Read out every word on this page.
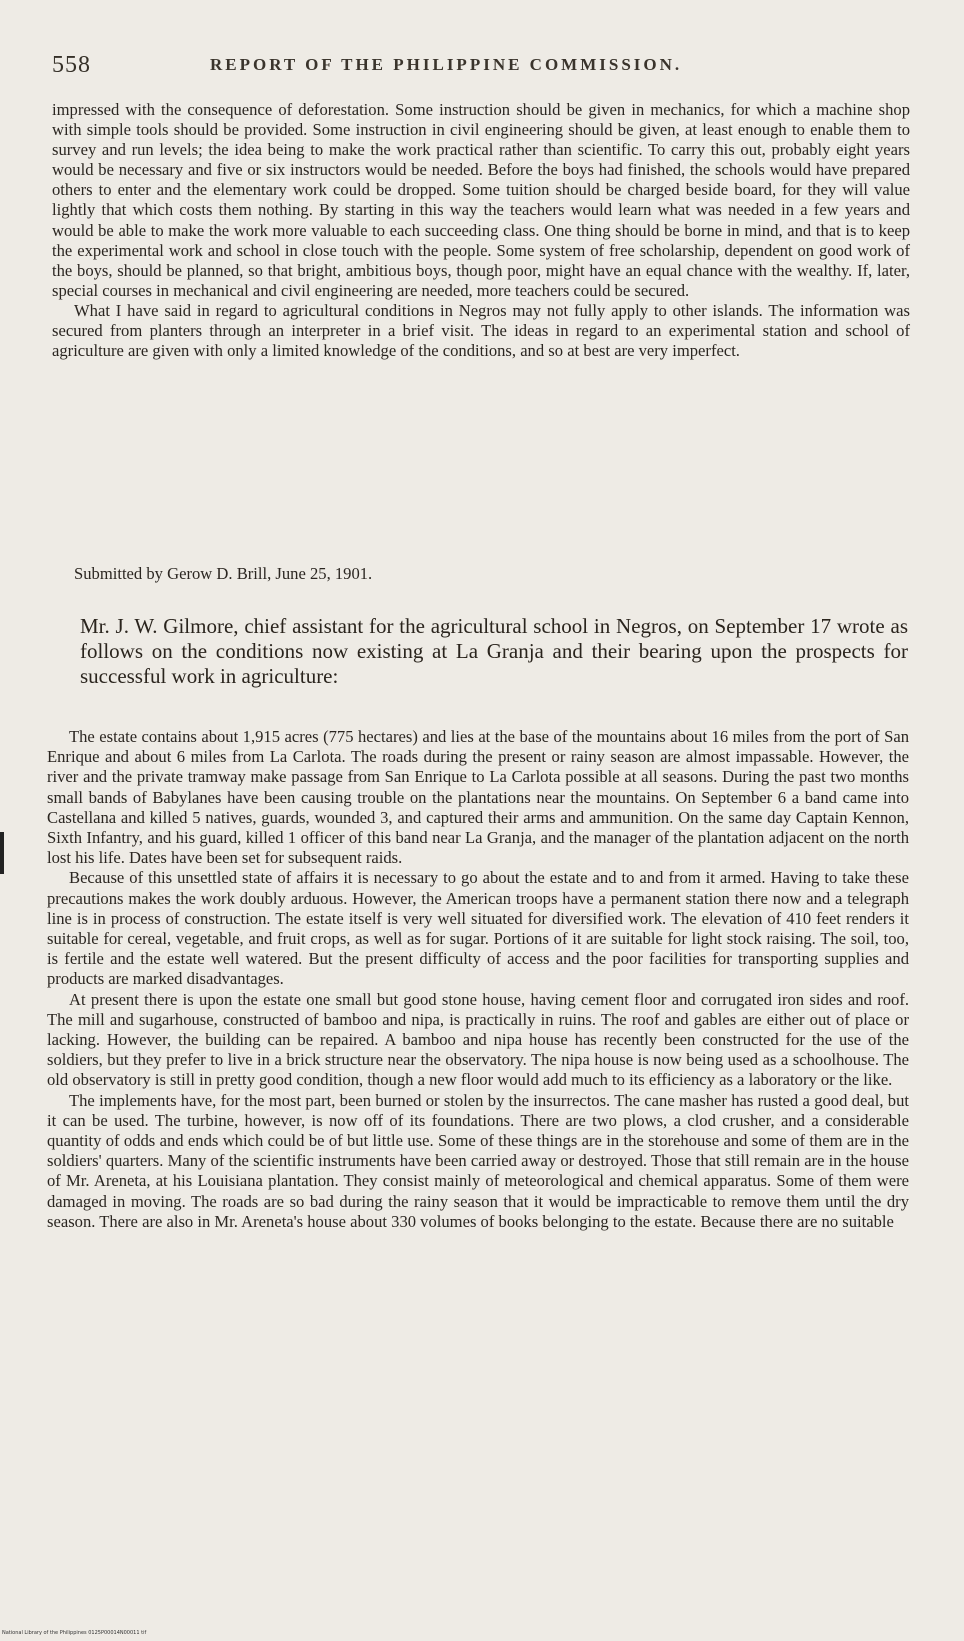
558	REPORT OF THE PHILIPPINE COMMISSION.

impressed with the consequence of deforestation. Some instruction should be given in mechanics, for which a machine shop with simple tools should be provided. Some instruction in civil engineering should be given, at least enough to enable them to survey and run levels; the idea being to make the work practical rather than scientific. To carry this out, probably eight years would be necessary and five or six instructors would be needed. Before the boys had finished, the schools would have prepared others to enter and the elementary work could be dropped. Some tuition should be charged beside board, for they will value lightly that which costs them nothing. By starting in this way the teachers would learn what was needed in a few years and would be able to make the work more valuable to each succeeding class. One thing should be borne in mind, and that is to keep the experimental work and school in close touch with the people. Some system of free scholarship, dependent on good work of the boys, should be planned, so that bright, ambitious boys, though poor, might have an equal chance with the wealthy. If, later, special courses in mechanical and civil engineering are needed, more teachers could be secured.

What I have said in regard to agricultural conditions in Negros may not fully apply to other islands. The information was secured from planters through an interpreter in a brief visit. The ideas in regard to an experimental station and school of agriculture are given with only a limited knowledge of the conditions, and so at best are very imperfect.

Submitted by Gerow D. Brill, June 25, 1901.
Mr. J. W. Gilmore, chief assistant for the agricultural school in Negros, on September 17 wrote as follows on the conditions now existing at La Granja and their bearing upon the prospects for successful work in agriculture:

The estate contains about 1,915 acres (775 hectares) and lies at the base of the mountains about 16 miles from the port of San Enrique and about 6 miles from La Carlota. The roads during the present or rainy season are almost impassable. However, the river and the private tramway make passage from San Enrique to La Carlota possible at all seasons. During the past two months small bands of Babylanes have been causing trouble on the plantations near the mountains. On September 6 a band came into Castellana and killed 5 natives, guards, wounded 3, and captured their arms and ammunition. On the same day Captain Kennon, Sixth Infantry, and his guard, killed 1 officer of this band near La Granja, and the manager of the plantation adjacent on the north lost his life. Dates have been set for subsequent raids.

Because of this unsettled state of affairs it is necessary to go about the estate and to and from it armed. Having to take these precautions makes the work doubly arduous. However, the American troops have a permanent station there now and a telegraph line is in process of construction. The estate itself is very well situated for diversified work. The elevation of 410 feet renders it suitable for cereal, vegetable, and fruit crops, as well as for sugar. Portions of it are suitable for light stock raising. The soil, too, is fertile and the estate well watered. But the present difficulty of access and the poor facilities for transporting supplies and products are marked disadvantages.

At present there is upon the estate one small but good stone house, having cement floor and corrugated iron sides and roof. The mill and sugarhouse, constructed of bamboo and nipa, is practically in ruins. The roof and gables are either out of place or lacking. However, the building can be repaired. A bamboo and nipa house has recently been constructed for the use of the soldiers, but they prefer to live in a brick structure near the observatory. The nipa house is now being used as a schoolhouse. The old observatory is still in pretty good condition, though a new floor would add much to its efficiency as a laboratory or the like.

The implements have, for the most part, been burned or stolen by the insurrectos. The cane masher has rusted a good deal, but it can be used. The turbine, however, is now off of its foundations. There are two plows, a clod crusher, and a considerable quantity of odds and ends which could be of but little use. Some of these things are in the storehouse and some of them are in the soldiers' quarters. Many of the scientific instruments have been carried away or destroyed. Those that still remain are in the house of Mr. Areneta, at his Louisiana plantation. They consist mainly of meteorological and chemical apparatus. Some of them were damaged in moving. The roads are so bad during the rainy season that it would be impracticable to remove them until the dry season. There are also in Mr. Areneta's house about 330 volumes of books belonging to the estate. Because there are no suitable

National Library of the Philippines 0125P00014N00011 tif
